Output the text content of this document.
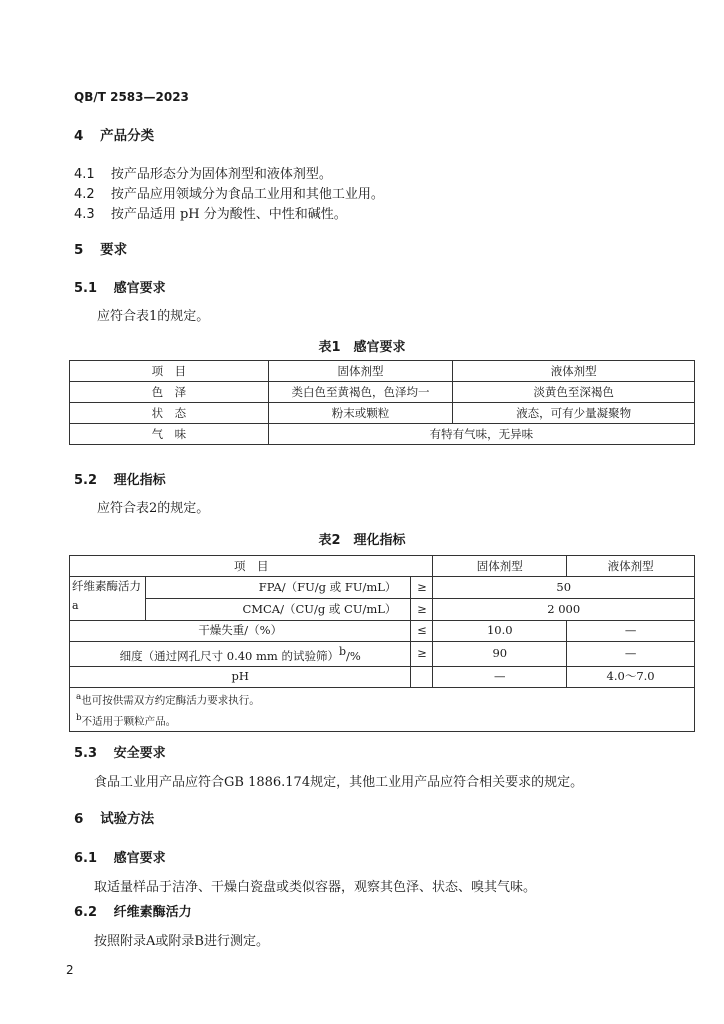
QB/T 2583—2023
4 产品分类
4.1 按产品形态分为固体剂型和液体剂型。
4.2 按产品应用领域分为食品工业用和其他工业用。
4.3 按产品适用 pH 分为酸性、中性和碱性。
5 要求
5.1 感官要求
应符合表1的规定。
表1　感官要求
项　目	固体剂型	液体剂型
色　泽	类白色至黄褐色，色泽均一	淡黄色至深褐色
状　态	粉末或颗粒	液态，可有少量凝聚物
气　味	有特有气味，无异味	
5.2 理化指标
应符合表2的规定。
表2　理化指标
项　目			固体剂型	液体剂型
纤维素酶活力$^a$	FPA/（FU/g 或 FU/mL）	≥	50	
	CMCA/（CU/g 或 CU/mL）	≥	2 000	
干燥失重/（%）		≤	10.0	—
细度（通过网孔尺寸 0.40 mm 的试验筛）$^b$/%		≥	90	—
pH			—	4.0～7.0

$^a$也可按供需双方约定酶活力要求执行。
$^b$不适用于颗粒产品。				
5.3 安全要求
食品工业用产品应符合GB 1886.174规定，其他工业用产品应符合相关要求的规定。
6 试验方法
6.1 感官要求
取适量样品于洁净、干燥白瓷盘或类似容器，观察其色泽、状态、嗅其气味。
6.2 纤维素酶活力
按照附录A或附录B进行测定。
2
